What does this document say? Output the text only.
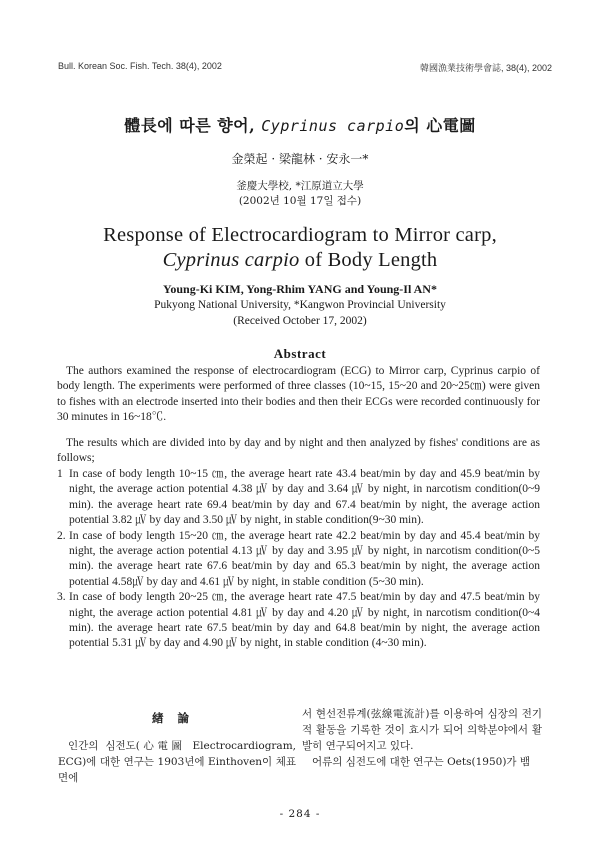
Bull. Korean Soc. Fish. Tech. 38(4), 2002	韓國漁業技術學會誌, 38(4), 2002
體長에 따른 향어, Cyprinus carpio의 心電圖
金榮起 · 梁龍林 · 安永一*
釜慶大學校, *江原道立大學
(2002년 10월 17일 접수)
Response of Electrocardiogram to Mirror carp,
Cyprinus carpio of Body Length
Young-Ki KIM, Yong-Rhim YANG and Young-Il AN*
Pukyong National University, *Kangwon Provincial University
(Received October 17, 2002)
Abstract

The authors examined the response of electrocardiogram (ECG) to Mirror carp, Cyprinus carpio of body length. The experiments were performed of three classes (10~15, 15~20 and 20~25㎝) were given to fishes with an electrode inserted into their bodies and then their ECGs were recorded continuously for 30 minutes in 16~18℃.

The results which are divided into by day and by night and then analyzed by fishes' conditions are as follows;

1 In case of body length 10~15 ㎝, the average heart rate 43.4 beat/min by day and 45.9 beat/min by night, the average action potential 4.38 ㎶ by day and 3.64 ㎶ by night, in narcotism condition(0~9 min). the average heart rate 69.4 beat/min by day and 67.4 beat/min by night, the average action potential 3.82 ㎶ by day and 3.50 ㎶ by night, in stable condition(9~30 min).
2. In case of body length 15~20 ㎝, the average heart rate 42.2 beat/min by day and 45.4 beat/min by night, the average action potential 4.13 ㎶ by day and 3.95 ㎶ by night, in narcotism condition(0~5 min). the average heart rate 67.6 beat/min by day and 65.3 beat/min by night, the average action potential 4.58㎶ by day and 4.61 ㎶ by night, in stable condition (5~30 min).
3. In case of body length 20~25 ㎝, the average heart rate 47.5 beat/min by day and 47.5 beat/min by night, the average action potential 4.81 ㎶ by day and 4.20 ㎶ by night, in narcotism condition(0~4 min). the average heart rate 67.5 beat/min by day and 64.8 beat/min by night, the average action potential 5.31 ㎶ by day and 4.90 ㎶ by night, in stable condition (4~30 min).
緖論

인간의 심전도(心電圖 Electrocardiogram, ECG)에 대한 연구는 1903년에 Einthoven이 체표면에

서 현선전류계(弦線電流計)를 이용하여 심장의 전기적 활동을 기록한 것이 효시가 되어 의학분야에서 활발히 연구되어지고 있다.

어류의 심전도에 대한 연구는 Oets(1950)가 뱀

- 284 -
